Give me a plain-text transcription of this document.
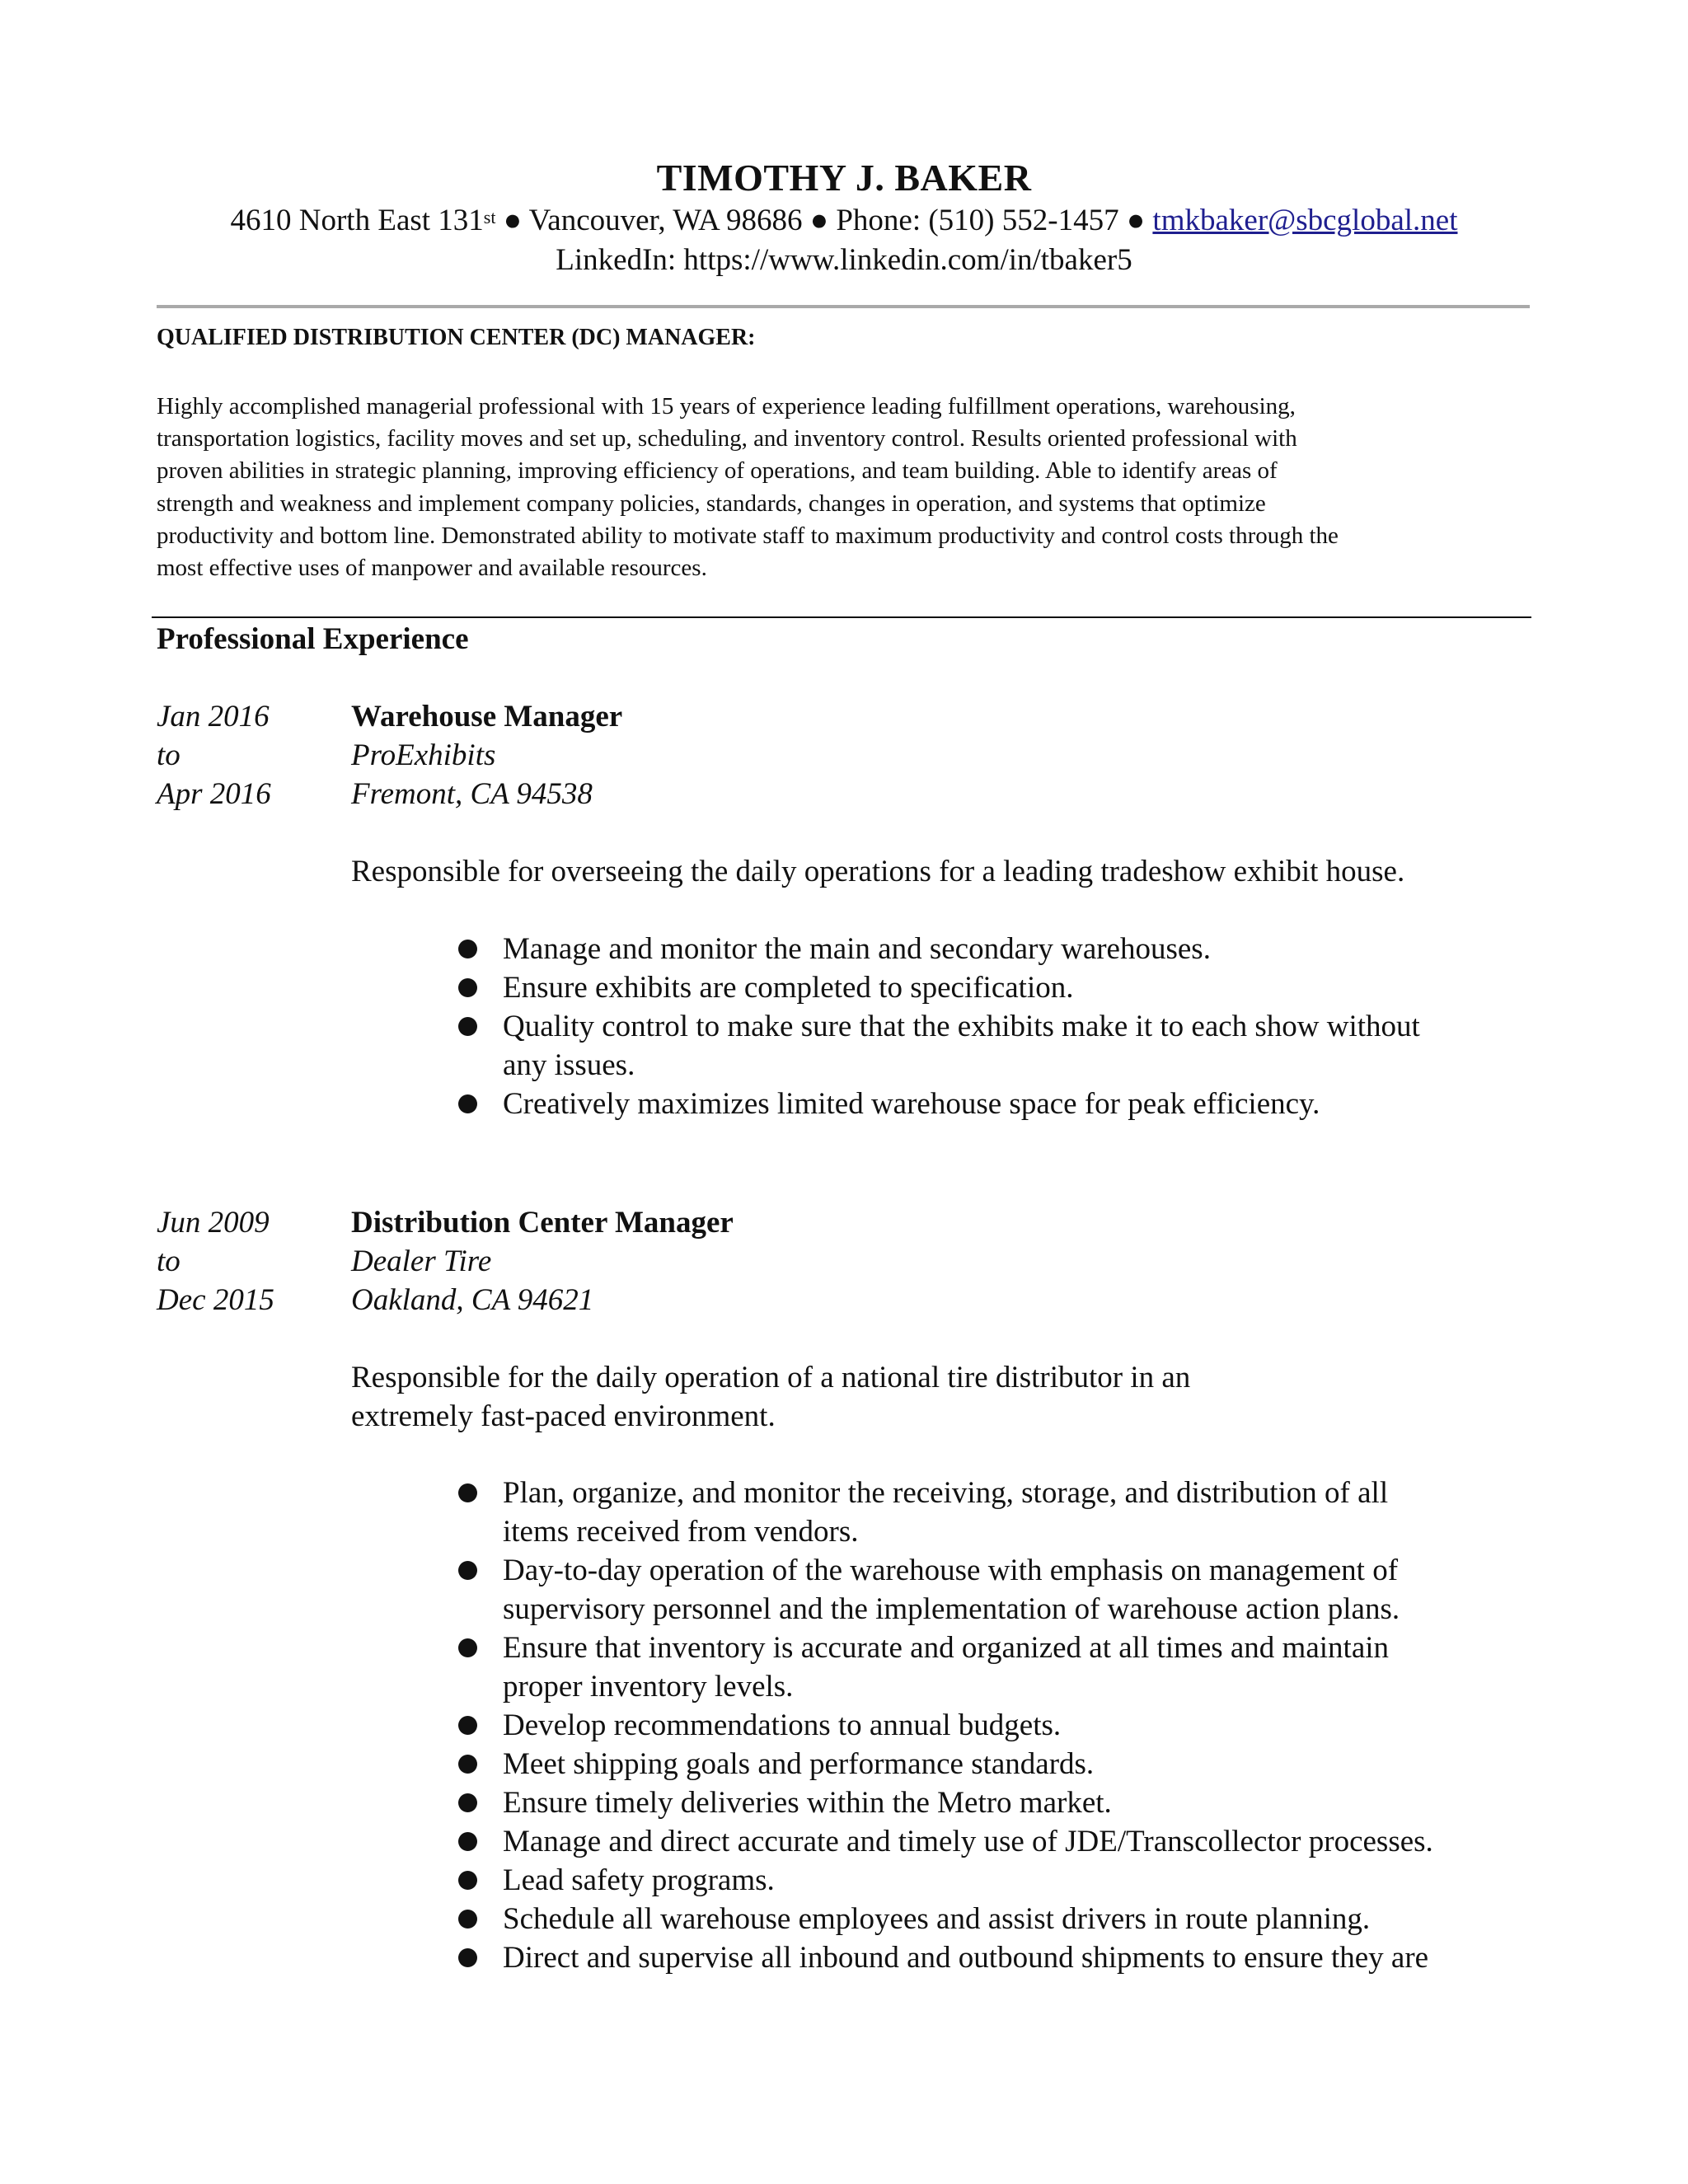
TIMOTHY J. BAKER
4610 North East 131st ● Vancouver, WA 98686 ● Phone: (510) 552-1457 ● tmkbaker@sbcglobal.net
LinkedIn: https://www.linkedin.com/in/tbaker5
QUALIFIED DISTRIBUTION CENTER (DC) MANAGER:
Highly accomplished managerial professional with 15 years of experience leading fulfillment operations, warehousing,
transportation logistics, facility moves and set up, scheduling, and inventory control. Results oriented professional with
proven abilities in strategic planning, improving efficiency of operations, and team building. Able to identify areas of
strength and weakness and implement company policies, standards, changes in operation, and systems that optimize
productivity and bottom line. Demonstrated ability to motivate staff to maximum productivity and control costs through the
most effective uses of manpower and available resources.
Professional Experience
Jan 2016
to
Apr 2016
Warehouse Manager
ProExhibits
Fremont, CA 94538
Responsible for overseeing the daily operations for a leading tradeshow exhibit house.
Manage and monitor the main and secondary warehouses.
Ensure exhibits are completed to specification.
Quality control to make sure that the exhibits make it to each show without
any issues.
Creatively maximizes limited warehouse space for peak efficiency.
Jun 2009
to
Dec 2015
Distribution Center Manager
Dealer Tire
Oakland, CA 94621
Responsible for the daily operation of a national tire distributor in an
extremely fast-paced environment.
Plan, organize, and monitor the receiving, storage, and distribution of all
items received from vendors.
Day-to-day operation of the warehouse with emphasis on management of
supervisory personnel and the implementation of warehouse action plans.
Ensure that inventory is accurate and organized at all times and maintain
proper inventory levels.
Develop recommendations to annual budgets.
Meet shipping goals and performance standards.
Ensure timely deliveries within the Metro market.
Manage and direct accurate and timely use of JDE/Transcollector processes.
Lead safety programs.
Schedule all warehouse employees and assist drivers in route planning.
Direct and supervise all inbound and outbound shipments to ensure they are
